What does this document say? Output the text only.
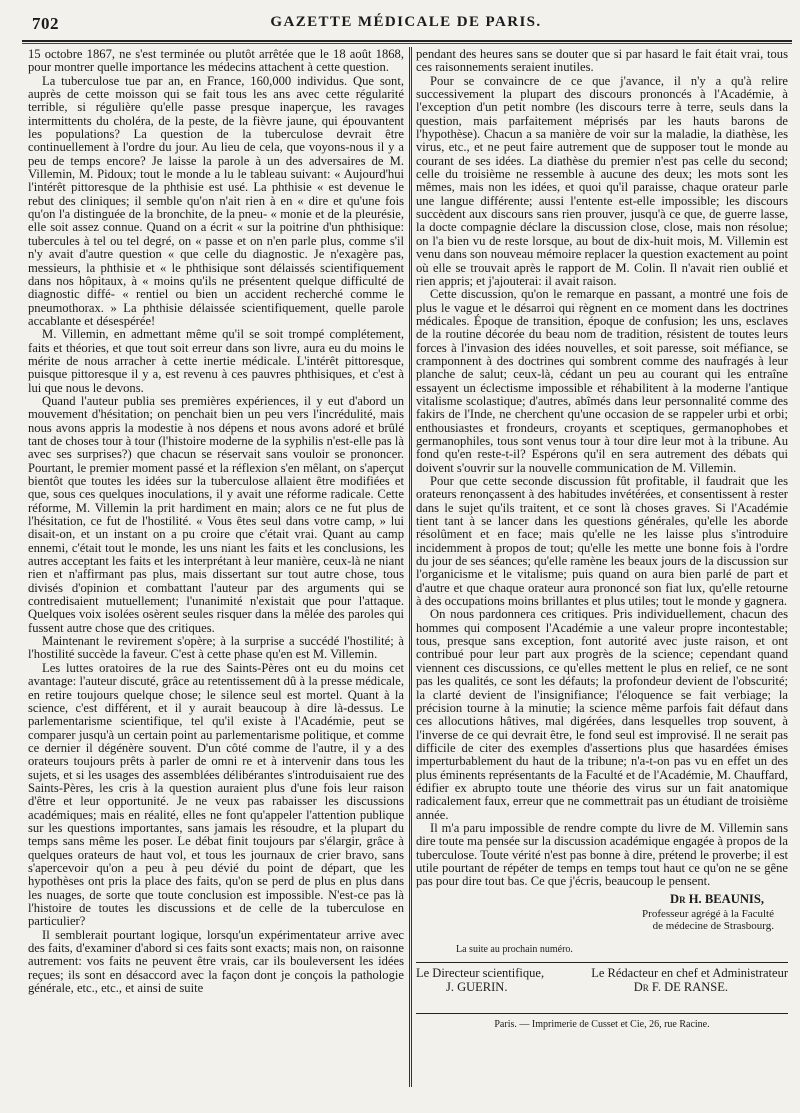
702	GAZETTE MÉDICALE DE PARIS.

15 octobre 1867, ne s'est terminée ou plutôt arrêtée que le 18 août 1868, pour montrer quelle importance les médecins attachent à cette question.

La tuberculose tue par an, en France, 160,000 individus. Que sont, auprès de cette moisson qui se fait tous les ans avec cette régularité terrible, si régulière qu'elle passe presque inaperçue, les ravages intermittents du choléra, de la peste, de la fièvre jaune, qui épouvantent les populations? La question de la tuberculose devrait être continuellement à l'ordre du jour. Au lieu de cela, que voyons-nous il y a peu de temps encore? Je laisse la parole à un des adversaires de M. Villemin, M. Pidoux; tout le monde a lu le tableau suivant: « Aujourd'hui l'intérêt pittoresque de la phthisie est usé. La phthisie « est devenue le rebut des cliniques; il semble qu'on n'ait rien à en « dire et qu'une fois qu'on l'a distinguée de la bronchite, de la pneu- « monie et de la pleurésie, elle soit assez connue. Quand on a écrit « sur la poitrine d'un phthisique: tubercules à tel ou tel degré, on « passe et on n'en parle plus, comme s'il n'y avait d'autre question « que celle du diagnostic. Je n'exagère pas, messieurs, la phthisie et « le phthisique sont délaissés scientifiquement dans nos hôpitaux, à « moins qu'ils ne présentent quelque difficulté de diagnostic diffé- « rentiel ou bien un accident recherché comme le pneumothorax. » La phthisie délaissée scientifiquement, quelle parole accablante et désespérée!

M. Villemin, en admettant même qu'il se soit trompé complétement, faits et théories, et que tout soit erreur dans son livre, aura eu du moins le mérite de nous arracher à cette inertie médicale. L'intérêt pittoresque, puisque pittoresque il y a, est revenu à ces pauvres phthisiques, et c'est à lui que nous le devons.

Quand l'auteur publia ses premières expériences, il y eut d'abord un mouvement d'hésitation; on penchait bien un peu vers l'incrédulité, mais nous avons appris la modestie à nos dépens et nous avons adoré et brûlé tant de choses tour à tour (l'histoire moderne de la syphilis n'est-elle pas là avec ses surprises?) que chacun se réservait sans vouloir se prononcer. Pourtant, le premier moment passé et la réflexion s'en mêlant, on s'aperçut bientôt que toutes les idées sur la tuberculose allaient être modifiées et que, sous ces quelques inoculations, il y avait une réforme radicale. Cette réforme, M. Villemin la prit hardiment en main; alors ce ne fut plus de l'hésitation, ce fut de l'hostilité. « Vous êtes seul dans votre camp, » lui disait-on, et un instant on a pu croire que c'était vrai. Quant au camp ennemi, c'était tout le monde, les uns niant les faits et les conclusions, les autres acceptant les faits et les interprétant à leur manière, ceux-là ne niant rien et n'affirmant pas plus, mais dissertant sur tout autre chose, tous divisés d'opinion et combattant l'auteur par des arguments qui se contredisaient mutuellement; l'unanimité n'existait que pour l'attaque. Quelques voix isolées osèrent seules risquer dans la mêlée des paroles qui fussent autre chose que des critiques.

Maintenant le revirement s'opère; à la surprise a succédé l'hostilité; à l'hostilité succède la faveur. C'est à cette phase qu'en est M. Villemin.

Les luttes oratoires de la rue des Saints-Pères ont eu du moins cet avantage: l'auteur discuté, grâce au retentissement dû à la presse médicale, en retire toujours quelque chose; le silence seul est mortel. Quant à la science, c'est différent, et il y aurait beaucoup à dire là-dessus. Le parlementarisme scientifique, tel qu'il existe à l'Académie, peut se comparer jusqu'à un certain point au parlementarisme politique, et comme ce dernier il dégénère souvent. D'un côté comme de l'autre, il y a des orateurs toujours prêts à parler de omni re et à intervenir dans tous les sujets, et si les usages des assemblées délibérantes s'introduisaient rue des Saints-Pères, les cris à la question auraient plus d'une fois leur raison d'être et leur opportunité. Je ne veux pas rabaisser les discussions académiques; mais en réalité, elles ne font qu'appeler l'attention publique sur les questions importantes, sans jamais les résoudre, et la plupart du temps sans même les poser. Le débat finit toujours par s'élargir, grâce à quelques orateurs de haut vol, et tous les journaux de crier bravo, sans s'apercevoir qu'on a peu à peu dévié du point de départ, que les hypothèses ont pris la place des faits, qu'on se perd de plus en plus dans les nuages, de sorte que toute conclusion est impossible. N'est-ce pas là l'histoire de toutes les discussions et de celle de la tuberculose en particulier?

Il semblerait pourtant logique, lorsqu'un expérimentateur arrive avec des faits, d'examiner d'abord si ces faits sont exacts; mais non, on raisonne autrement: vos faits ne peuvent être vrais, car ils bouleversent les idées reçues; ils sont en désaccord avec la façon dont je conçois la pathologie générale, etc., etc., et ainsi de suite

pendant des heures sans se douter que si par hasard le fait était vrai, tous ces raisonnements seraient inutiles.

Pour se convaincre de ce que j'avance, il n'y a qu'à relire successivement la plupart des discours prononcés à l'Académie, à l'exception d'un petit nombre (les discours terre à terre, seuls dans la question, mais parfaitement méprisés par les hauts barons de l'hypothèse). Chacun a sa manière de voir sur la maladie, la diathèse, les virus, etc., et ne peut faire autrement que de supposer tout le monde au courant de ses idées. La diathèse du premier n'est pas celle du second; celle du troisième ne ressemble à aucune des deux; les mots sont les mêmes, mais non les idées, et quoi qu'il paraisse, chaque orateur parle une langue différente; aussi l'entente est-elle impossible; les discours succèdent aux discours sans rien prouver, jusqu'à ce que, de guerre lasse, la docte compagnie déclare la discussion close, close, mais non résolue; on l'a bien vu de reste lorsque, au bout de dix-huit mois, M. Villemin est venu dans son nouveau mémoire replacer la question exactement au point où elle se trouvait après le rapport de M. Colin. Il n'avait rien oublié et rien appris; et j'ajouterai: il avait raison.

Cette discussion, qu'on le remarque en passant, a montré une fois de plus le vague et le désarroi qui règnent en ce moment dans les doctrines médicales. Époque de transition, époque de confusion; les uns, esclaves de la routine décorée du beau nom de tradition, résistent de toutes leurs forces à l'invasion des idées nouvelles, et soit paresse, soit méfiance, se cramponnent à des doctrines qui sombrent comme des naufragés à leur planche de salut; ceux-là, cédant un peu au courant qui les entraîne essayent un éclectisme impossible et réhabilitent à la moderne l'antique vitalisme scolastique; d'autres, abîmés dans leur personnalité comme des fakirs de l'Inde, ne cherchent qu'une occasion de se rappeler urbi et orbi; enthousiastes et frondeurs, croyants et sceptiques, germanophobes et germanophiles, tous sont venus tour à tour dire leur mot à la tribune. Au fond qu'en reste-t-il? Espérons qu'il en sera autrement des débats qui doivent s'ouvrir sur la nouvelle communication de M. Villemin.

Pour que cette seconde discussion fût profitable, il faudrait que les orateurs renonçassent à des habitudes invétérées, et consentissent à rester dans le sujet qu'ils traitent, et ce sont là choses graves. Si l'Académie tient tant à se lancer dans les questions générales, qu'elle les aborde résolûment et en face; mais qu'elle ne les laisse plus s'introduire incidemment à propos de tout; qu'elle les mette une bonne fois à l'ordre du jour de ses séances; qu'elle ramène les beaux jours de la discussion sur l'organicisme et le vitalisme; puis quand on aura bien parlé de part et d'autre et que chaque orateur aura prononcé son fiat lux, qu'elle retourne à des occupations moins brillantes et plus utiles; tout le monde y gagnera.

On nous pardonnera ces critiques. Pris individuellement, chacun des hommes qui composent l'Académie a une valeur propre incontestable; tous, presque sans exception, font autorité avec juste raison, et ont contribué pour leur part aux progrès de la science; cependant quand viennent ces discussions, ce qu'elles mettent le plus en relief, ce ne sont pas les qualités, ce sont les défauts; la profondeur devient de l'obscurité; la clarté devient de l'insignifiance; l'éloquence se fait verbiage; la précision tourne à la minutie; la science même parfois fait défaut dans ces allocutions hâtives, mal digérées, dans lesquelles trop souvent, à l'inverse de ce qui devrait être, le fond seul est improvisé. Il ne serait pas difficile de citer des exemples d'assertions plus que hasardées émises imperturbablement du haut de la tribune; n'a-t-on pas vu en effet un des plus éminents représentants de la Faculté et de l'Académie, M. Chauffard, édifier ex abrupto toute une théorie des virus sur un fait anatomique radicalement faux, erreur que ne commettrait pas un étudiant de troisième année.

Il m'a paru impossible de rendre compte du livre de M. Villemin sans dire toute ma pensée sur la discussion académique engagée à propos de la tuberculose. Toute vérité n'est pas bonne à dire, prétend le proverbe; il est utile pourtant de répéter de temps en temps tout haut ce qu'on ne se gêne pas pour dire tout bas. Ce que j'écris, beaucoup le pensent.

Dr H. BEAUNIS,
Professeur agrégé à la Faculté
de médecine de Strasbourg.
La suite au prochain numéro.
Le Directeur scientifique,
J. GUERIN.
Le Rédacteur en chef et Administrateur
Dr F. DE RANSE.
Paris. — Imprimerie de Cusset et Cie, 26, rue Racine.
